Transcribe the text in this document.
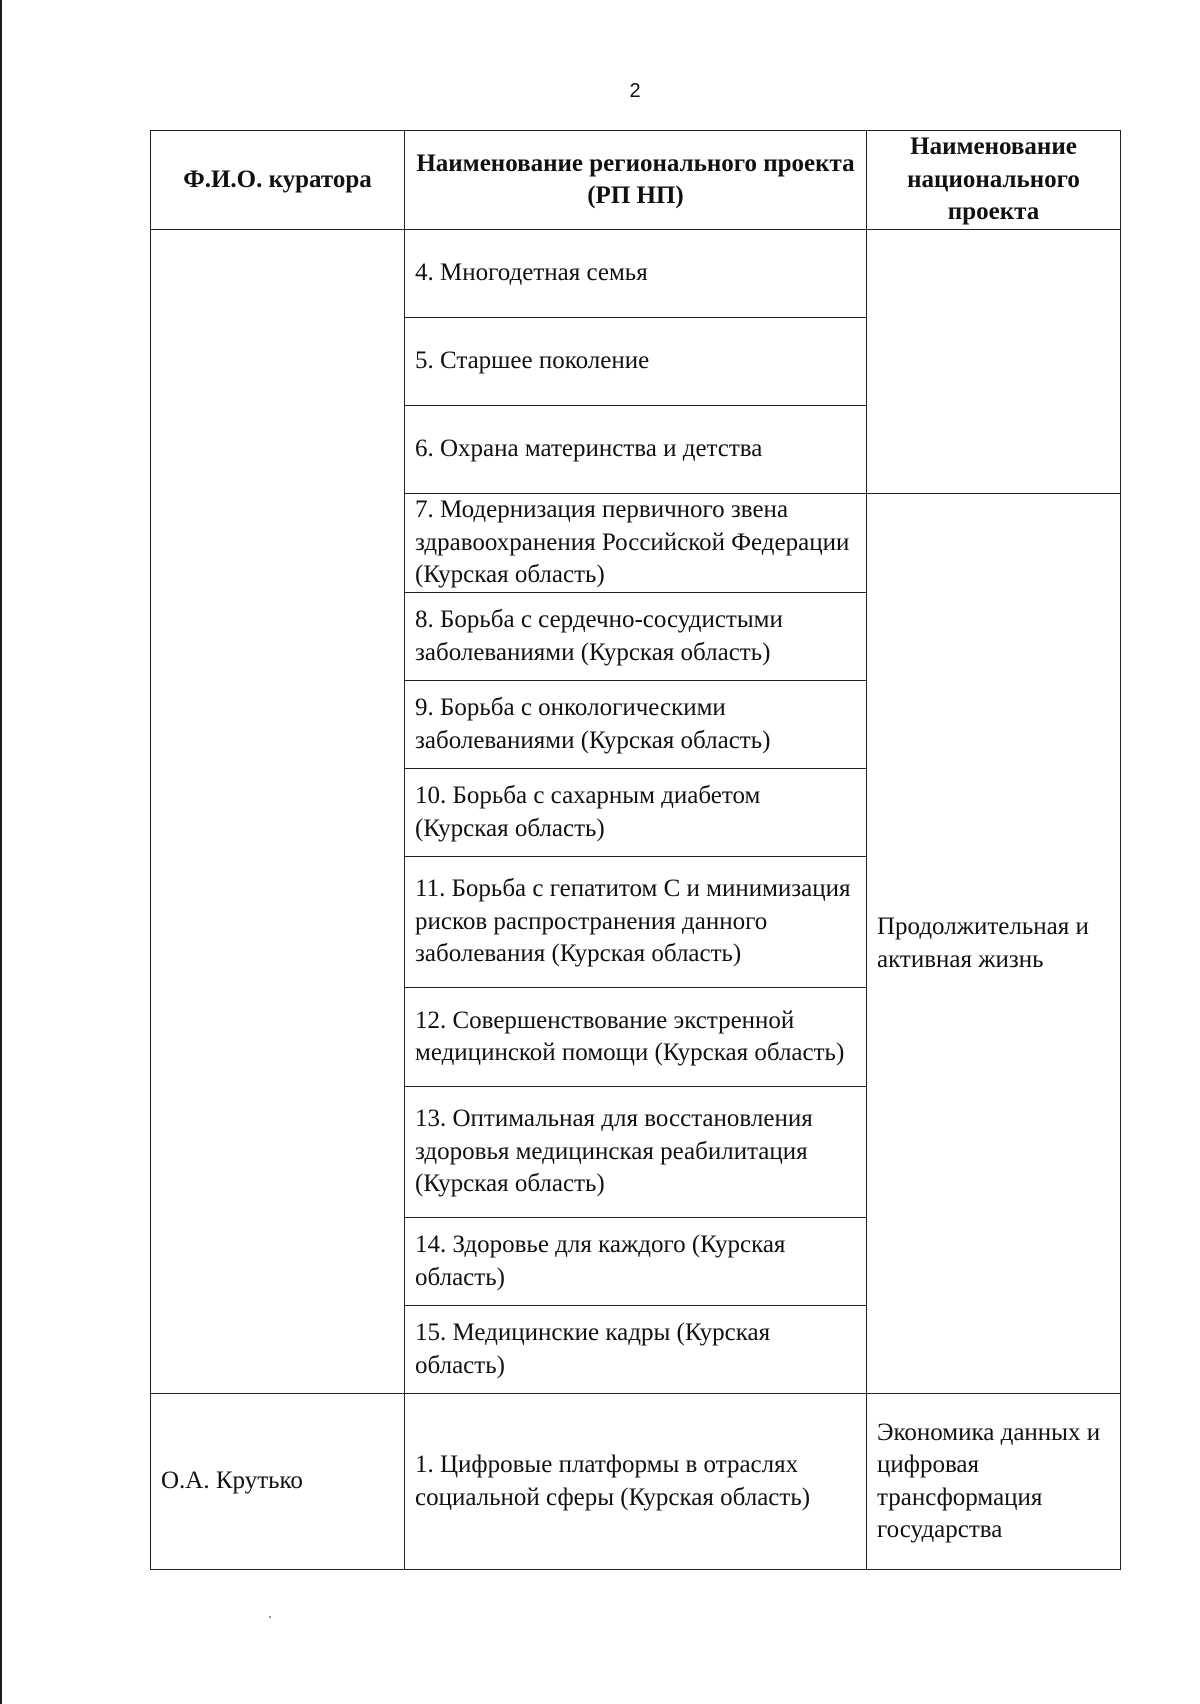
2
Ф.И.О. куратора	Наименование регионального проекта (РП НП)	Наименование национального проекта
	4. Многодетная семья	
	5. Старшее поколение	
	6. Охрана материнства и детства	
	7. Модернизация первичного звена здравоохранения Российской Федерации (Курская область)	Продолжительная и активная жизнь
	8. Борьба с сердечно-сосудистыми заболеваниями (Курская область)	
	9. Борьба с онкологическими заболеваниями (Курская область)	
	10. Борьба с сахарным диабетом (Курская область)	
	11. Борьба с гепатитом С и минимизация рисков распространения данного заболевания (Курская область)	
	12. Совершенствование экстренной медицинской помощи (Курская область)	
	13. Оптимальная для восстановления здоровья медицинская реабилитация (Курская область)	
	14. Здоровье для каждого (Курская область)	
	15. Медицинские кадры (Курская область)	
О.А. Крутько	1. Цифровые платформы в отраслях социальной сферы (Курская область)	Экономика данных и цифровая трансформация государства
